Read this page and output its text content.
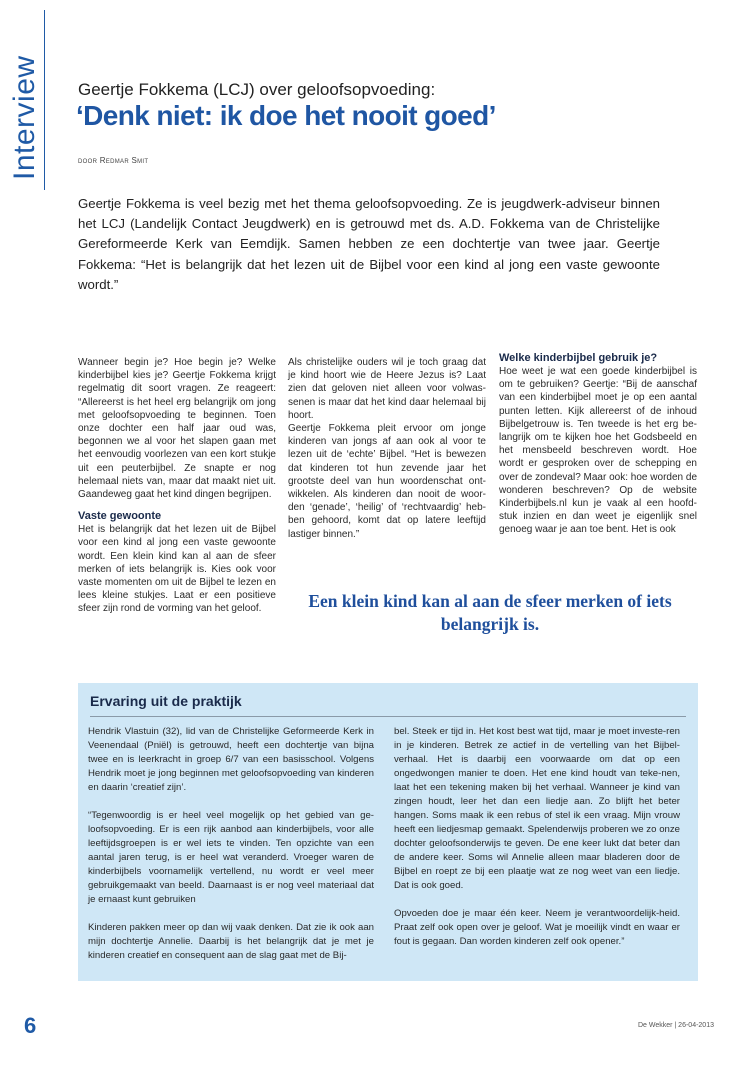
Interview Geertje Fokkema (LCJ) over geloofsopvoeding:
‘Denk niet: ik doe het nooit goed’
door Redmar Smit

Geertje Fokkema is veel bezig met het thema geloofsopvoeding. Ze is jeugdwerk-adviseur binnen het LCJ (Landelijk Contact Jeugdwerk) en is getrouwd met ds. A.D. Fokkema van de Christelijke Gereformeerde Kerk van Eemdijk. Samen hebben ze een dochtertje van twee jaar. Geertje Fokkema: “Het is belangrijk dat het lezen uit de Bijbel voor een kind al jong een vaste gewoonte wordt.”

Wanneer begin je? Hoe begin je? Welke kinderbijbel kies je? Geertje Fokkema krijgt regelmatig dit soort vragen. Ze reageert: “Allereerst is het heel erg belangrijk om jong met geloofsopvoeding te beginnen. Toen onze dochter een half jaar oud was, begonnen we al voor het slapen gaan met het eenvoudig voorlezen van een kort stukje uit een peuterbijbel. Ze snapte er nog helemaal niets van, maar dat maakt niet uit. Gaandeweg gaat het kind dingen begrijpen.

Vaste gewoonte

Het is belangrijk dat het lezen uit de Bijbel voor een kind al jong een vaste gewoonte wordt. Een klein kind kan al aan de sfeer merken of iets belangrijk is. Kies ook voor vaste momenten om uit de Bijbel te lezen en lees kleine stukjes. Laat er een positieve sfeer zijn rond de vorming van het geloof.

Als christelijke ouders wil je toch graag dat je kind hoort wie de Heere Jezus is? Laat zien dat geloven niet alleen voor volwas-senen is maar dat het kind daar helemaal bij hoort.

Geertje Fokkema pleit ervoor om jonge kinderen van jongs af aan ook al voor te lezen uit de ‘echte’ Bijbel. “Het is bewezen dat kinderen tot hun zevende jaar het grootste deel van hun woordenschat ont-wikkelen. Als kinderen dan nooit de woor-den ‘genade’, ‘heilig’ of ‘rechtvaardig’ heb-ben gehoord, komt dat op latere leeftijd lastiger binnen.”

Welke kinderbijbel gebruik je?

Hoe weet je wat een goede kinderbijbel is om te gebruiken? Geertje: “Bij de aanschaf van een kinderbijbel moet je op een aantal punten letten. Kijk allereerst of de inhoud Bijbelgetrouw is. Ten tweede is het erg be-langrijk om te kijken hoe het Godsbeeld en het mensbeeld beschreven wordt. Hoe wordt er gesproken over de schepping en over de zondeval? Maar ook: hoe worden de wonderen beschreven? Op de website Kinderbijbels.nl kun je vaak al een hoofd-stuk inzien en dan weet je eigenlijk snel genoeg waar je aan toe bent. Het is ook

Een klein kind kan al aan de sfeer merken of iets belangrijk is.

Ervaring uit de praktijk

Hendrik Vlastuin (32), lid van de Christelijke Geformeerde Kerk in Veenendaal (Pniël) is getrouwd, heeft een dochtertje van bijna twee en is leerkracht in groep 6/7 van een basisschool. Volgens Hendrik moet je jong beginnen met geloofsopvoeding van kinderen en daarin ‘creatief zijn’.

“Tegenwoordig is er heel veel mogelijk op het gebied van ge-loofsopvoeding. Er is een rijk aanbod aan kinderbijbels, voor alle leeftijdsgroepen is er wel iets te vinden. Ten opzichte van een aantal jaren terug, is er heel wat veranderd. Vroeger waren de kinderbijbels voornamelijk vertellend, nu wordt er veel meer gebruikgemaakt van beeld. Daarnaast is er nog veel materiaal dat je ernaast kunt gebruiken

Kinderen pakken meer op dan wij vaak denken. Dat zie ik ook aan mijn dochtertje Annelie. Daarbij is het belangrijk dat je met je kinderen creatief en consequent aan de slag gaat met de Bij-

bel. Steek er tijd in. Het kost best wat tijd, maar je moet investe-ren in je kinderen. Betrek ze actief in de vertelling van het Bijbel-verhaal. Het is daarbij een voorwaarde om dat op een ongedwongen manier te doen. Het ene kind houdt van teke-nen, laat het een tekening maken bij het verhaal. Wanneer je kind van zingen houdt, leer het dan een liedje aan. Zo blijft het beter hangen. Soms maak ik een rebus of stel ik een vraag. Mijn vrouw heeft een liedjesmap gemaakt. Spelenderwijs proberen we zo onze dochter geloofsonderwijs te geven. De ene keer lukt dat beter dan de andere keer. Soms wil Annelie alleen maar bladeren door de Bijbel en roept ze bij een plaatje wat ze nog weet van een liedje. Dat is ook goed.

Opvoeden doe je maar één keer. Neem je verantwoordelijk-heid. Praat zelf ook open over je geloof. Wat je moeilijk vindt en waar er fout is gegaan. Dan worden kinderen zelf ook opener.”

6	De Wekker | 26-04-2013
